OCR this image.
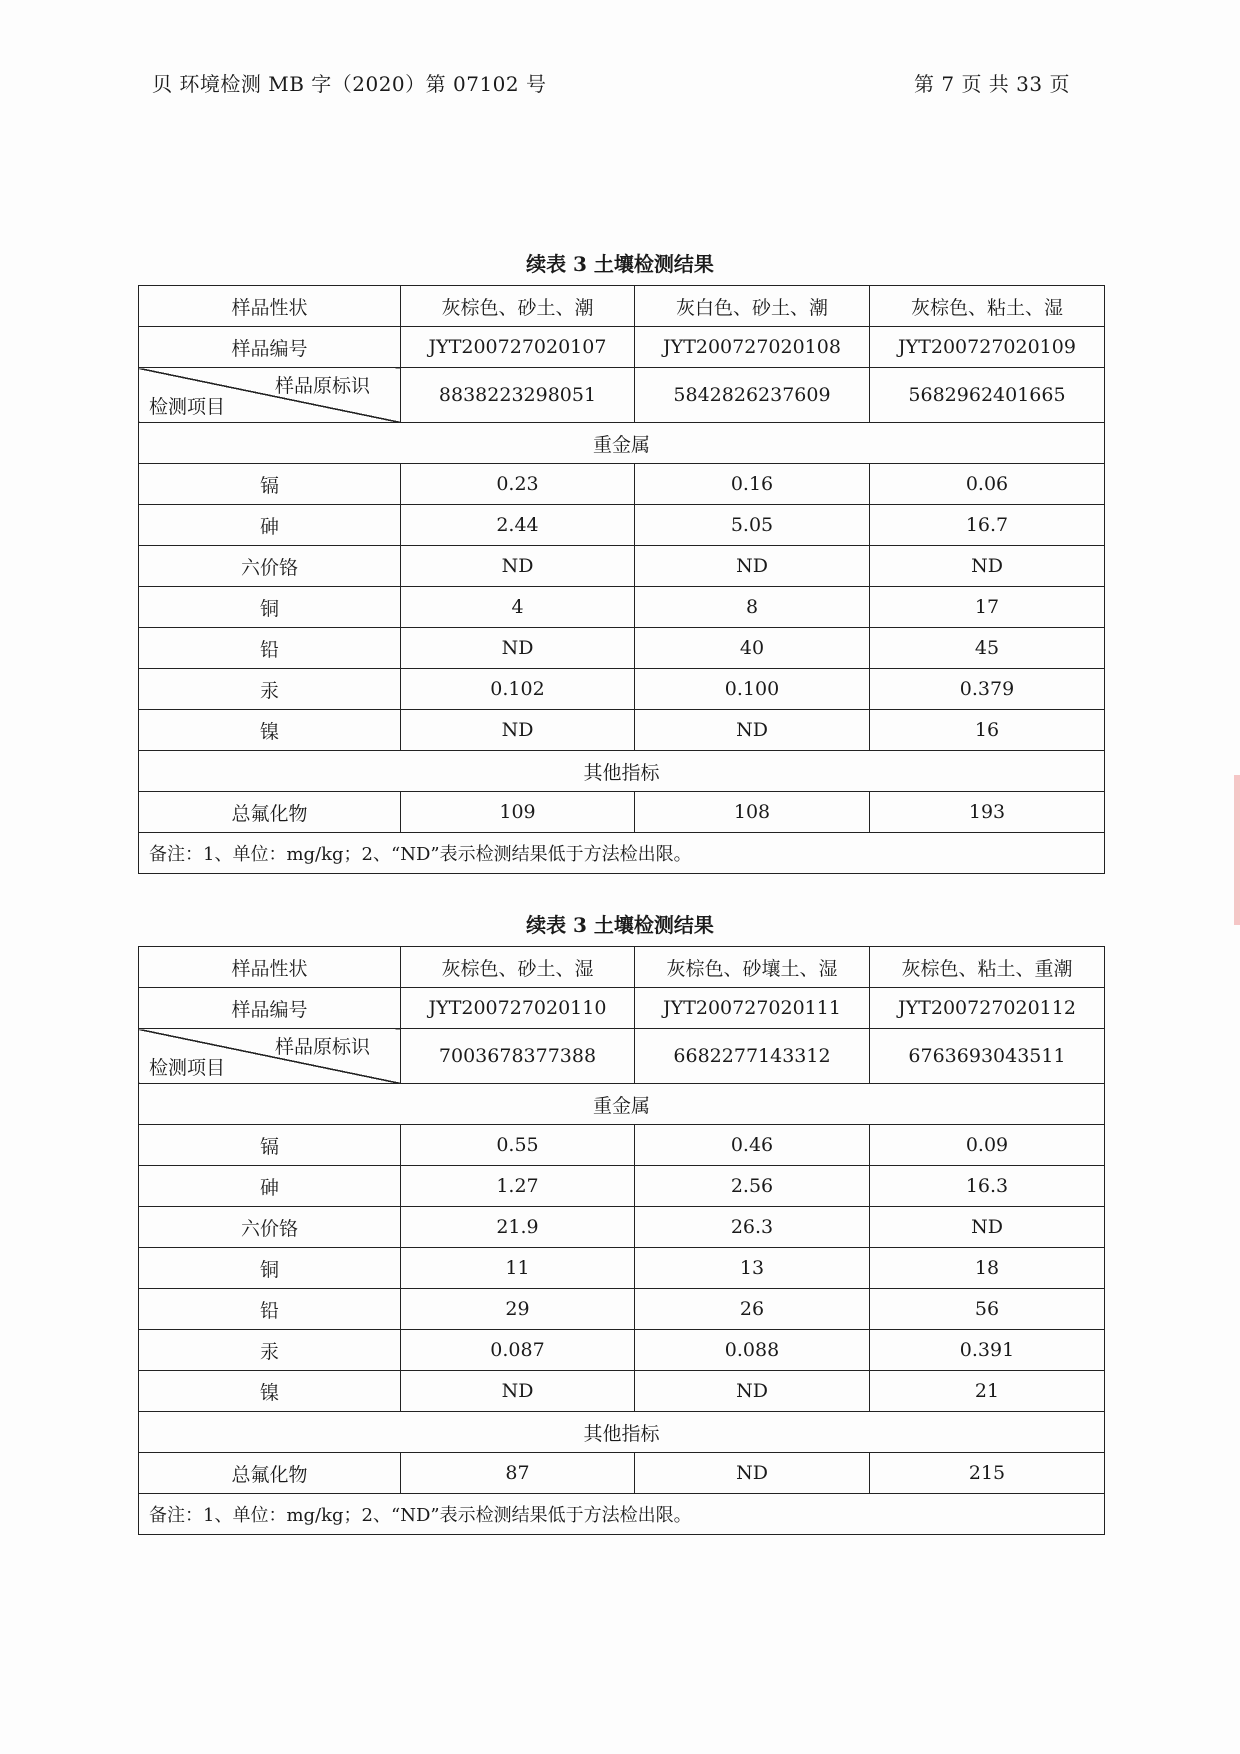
贝 环境检测 MB 字（2020）第 07102 号	第 7 页 共 33 页
续表 3 土壤检测结果
样品性状	灰棕色、砂土、潮	灰白色、砂土、潮	灰棕色、粘土、湿
样品编号	JYT200727020107	JYT200727020108	JYT200727020109

样品原标识
检测项目	8838223298051	5842826237609	5682962401665
重金属			
镉	0.23	0.16	0.06
砷	2.44	5.05	16.7
六价铬	ND	ND	ND
铜	4	8	17
铅	ND	40	45
汞	0.102	0.100	0.379
镍	ND	ND	16
其他指标			
总氟化物	109	108	193
备注：1、单位：mg/kg；2、“ND”表示检测结果低于方法检出限。			
续表 3 土壤检测结果
样品性状	灰棕色、砂土、湿	灰棕色、砂壤土、湿	灰棕色、粘土、重潮
样品编号	JYT200727020110	JYT200727020111	JYT200727020112

样品原标识
检测项目	7003678377388	6682277143312	6763693043511
重金属			
镉	0.55	0.46	0.09
砷	1.27	2.56	16.3
六价铬	21.9	26.3	ND
铜	11	13	18
铅	29	26	56
汞	0.087	0.088	0.391
镍	ND	ND	21
其他指标			
总氟化物	87	ND	215
备注：1、单位：mg/kg；2、“ND”表示检测结果低于方法检出限。			
